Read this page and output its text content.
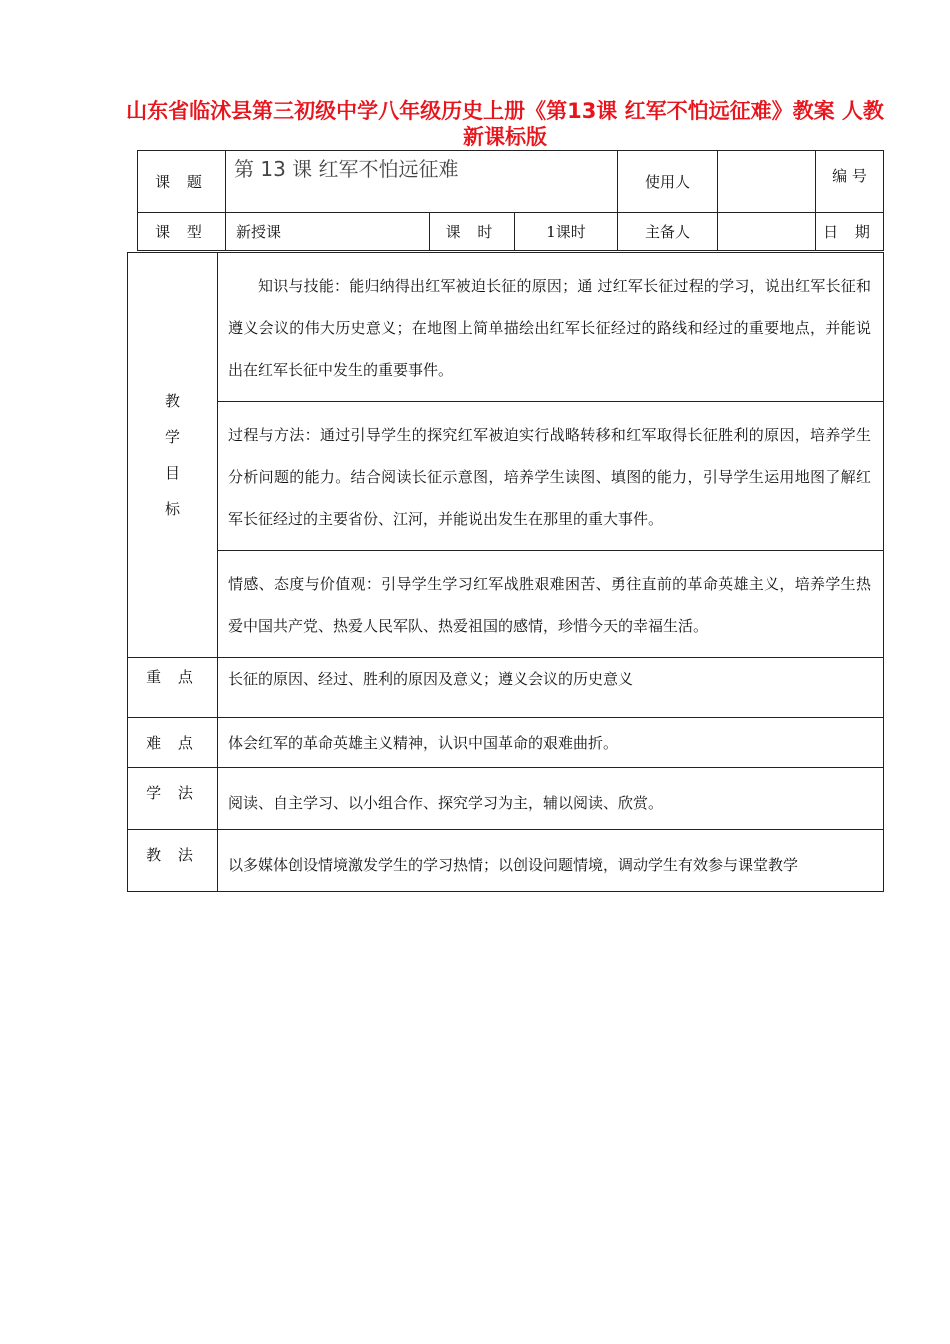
山东省临沭县第三初级中学八年级历史上册《第13课 红军不怕远征难》教案 人教新课标版
课 题	第 13 课 红军不怕远征难			使用人		编 号
课 型	新授课	课 时	1课时	主备人		日 期
教
学
目
标	知识与技能：能归纳得出红军被迫长征的原因；通 过红军长征过程的学习，说出红军长征和遵义会议的伟大历史意义；在地图上简单描绘出红军长征经过的路线和经过的重要地点，并能说出在红军长征中发生的重要事件。
	过程与方法：通过引导学生的探究红军被迫实行战略转移和红军取得长征胜利的原因，培养学生分析问题的能力。结合阅读长征示意图，培养学生读图、填图的能力，引导学生运用地图了解红军长征经过的主要省份、江河，并能说出发生在那里的重大事件。
	情感、态度与价值观：引导学生学习红军战胜艰难困苦、勇往直前的革命英雄主义，培养学生热爱中国共产党、热爱人民军队、热爱祖国的感情，珍惜今天的幸福生活。
重 点	长征的原因、经过、胜利的原因及意义；遵义会议的历史意义
难 点	体会红军的革命英雄主义精神，认识中国革命的艰难曲折。
学 法	阅读、自主学习、以小组合作、探究学习为主，辅以阅读、欣赏。
教 法	以多媒体创设情境激发学生的学习热情；以创设问题情境，调动学生有效参与课堂教学
